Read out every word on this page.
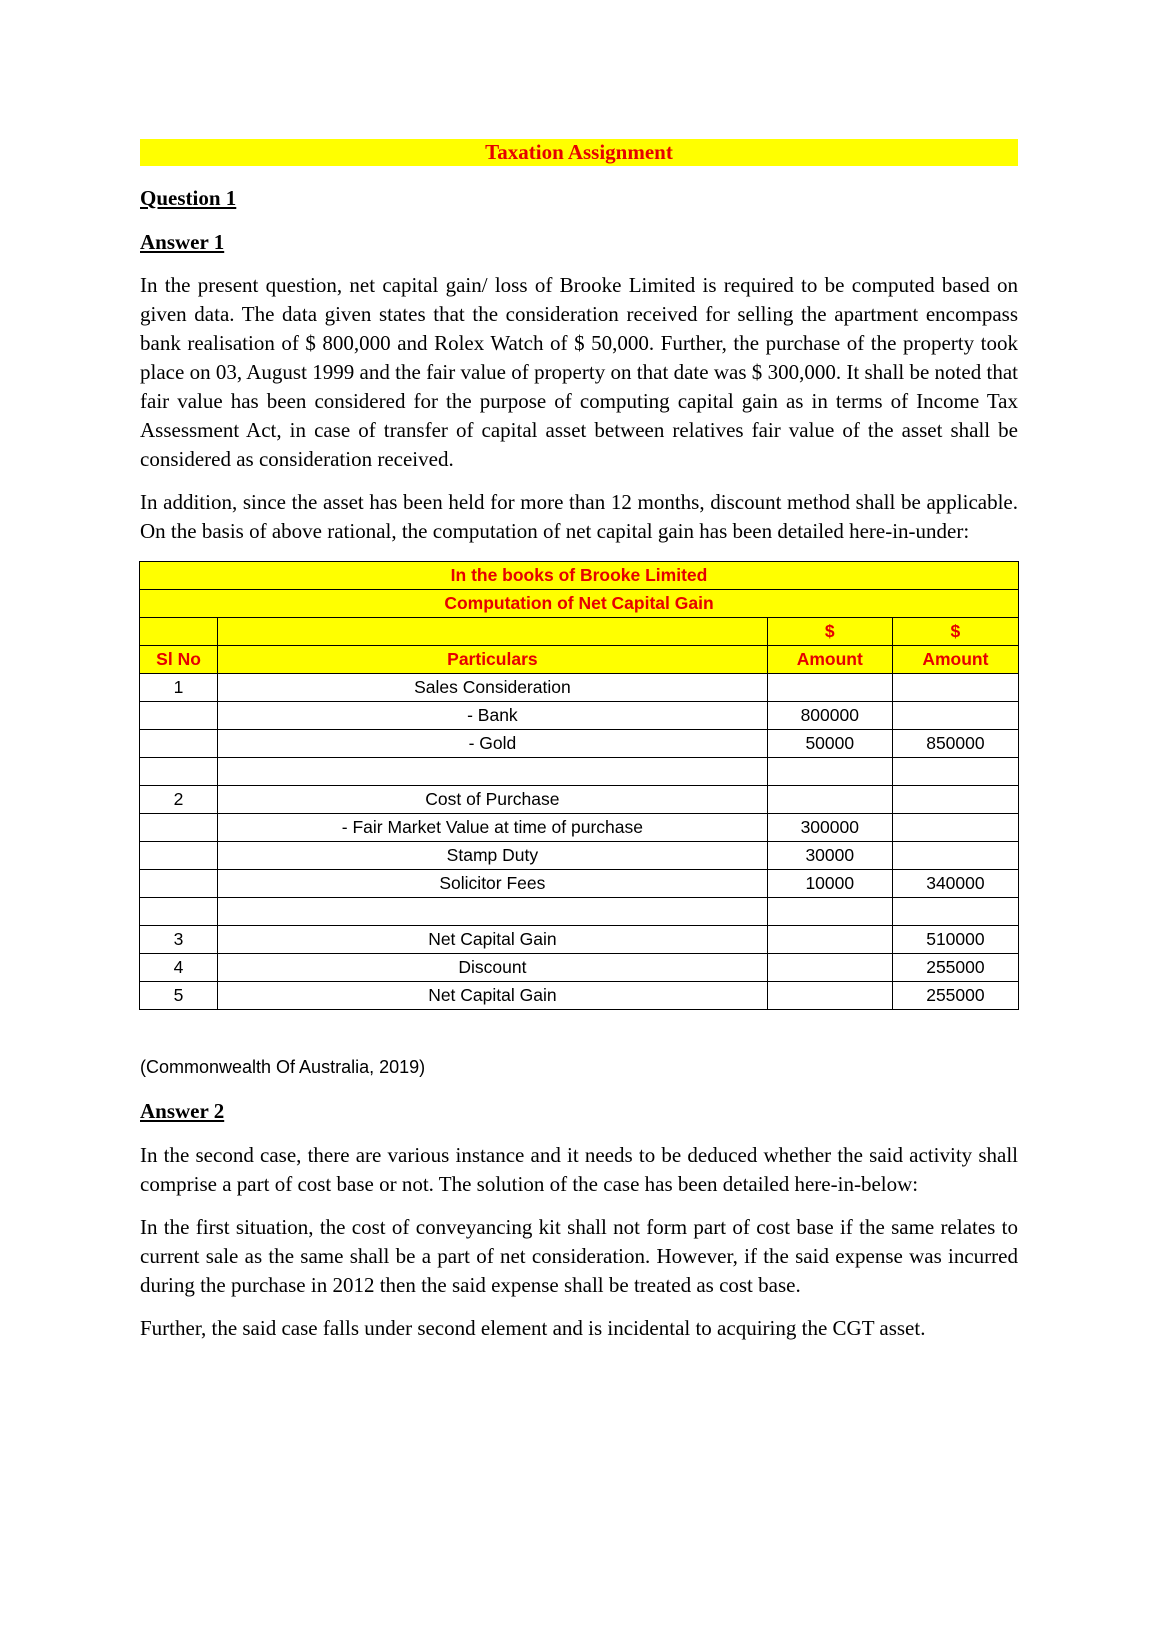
Taxation Assignment

Question 1

Answer 1

In the present question, net capital gain/ loss of Brooke Limited is required to be computed based on given data. The data given states that the consideration received for selling the apartment encompass bank realisation of $ 800,000 and Rolex Watch of $ 50,000. Further, the purchase of the property took place on 03, August 1999 and the fair value of property on that date was $ 300,000. It shall be noted that fair value has been considered for the purpose of computing capital gain as in terms of Income Tax Assessment Act, in case of transfer of capital asset between relatives fair value of the asset shall be considered as consideration received.

In addition, since the asset has been held for more than 12 months, discount method shall be applicable. On the basis of above rational, the computation of net capital gain has been detailed here-in-under:

In the books of Brooke Limited			
Computation of Net Capital Gain			
		$	$
Sl No	Particulars	Amount	Amount
1	Sales Consideration		
	- Bank	800000	
	- Gold	50000	850000

2	Cost of Purchase		
	- Fair Market Value at time of purchase	300000	
	Stamp Duty	30000	
	Solicitor Fees	10000	340000

3	Net Capital Gain		510000
4	Discount		255000
5	Net Capital Gain		255000
(Commonwealth Of Australia, 2019)

Answer 2

In the second case, there are various instance and it needs to be deduced whether the said activity shall comprise a part of cost base or not. The solution of the case has been detailed here-in-below:

In the first situation, the cost of conveyancing kit shall not form part of cost base if the same relates to current sale as the same shall be a part of net consideration. However, if the said expense was incurred during the purchase in 2012 then the said expense shall be treated as cost base.

Further, the said case falls under second element and is incidental to acquiring the CGT asset.
